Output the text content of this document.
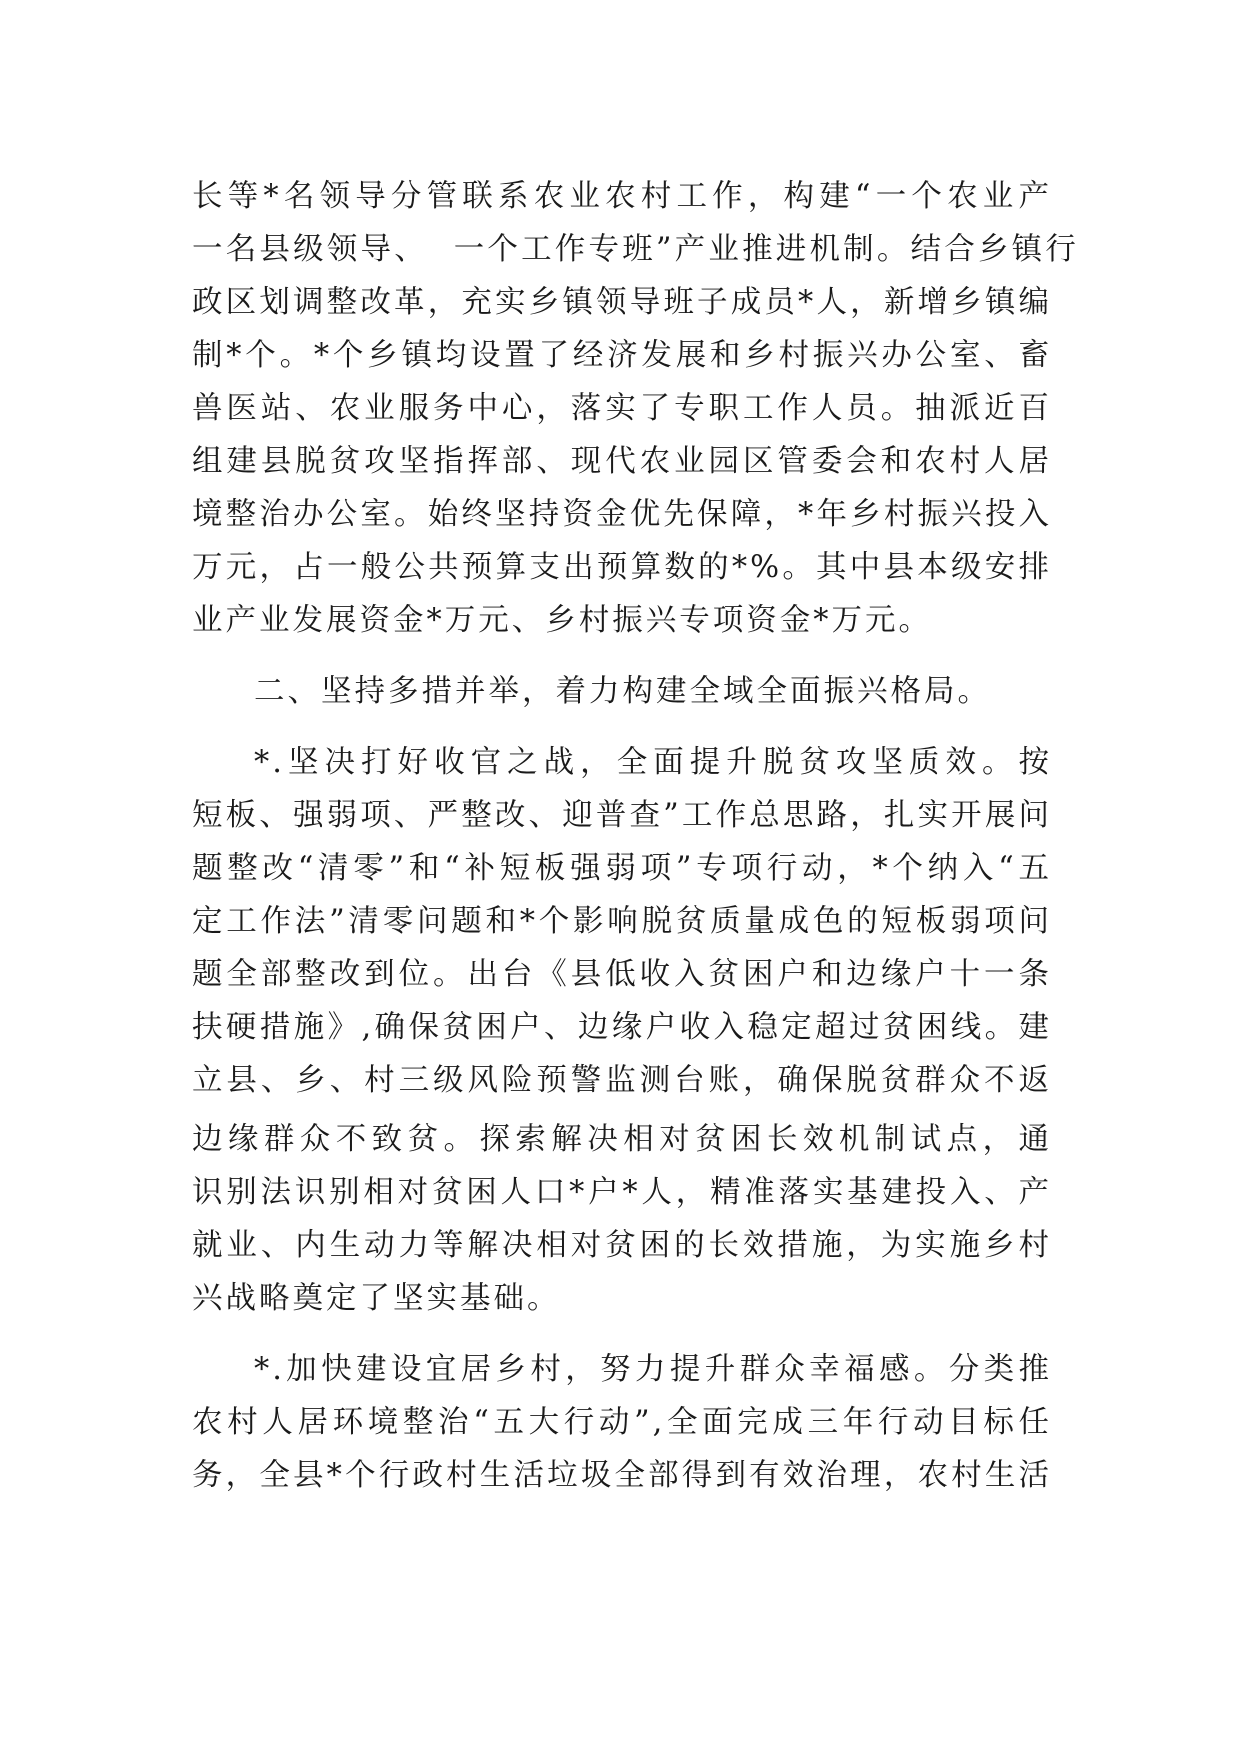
长等*名领导分管联系农业农村工作，构建“一个农业产
一名县级领导、  一个工作专班”产业推进机制。结合乡镇行
政区划调整改革，充实乡镇领导班子成员*人，新增乡镇编
制*个。*个乡镇均设置了经济发展和乡村振兴办公室、畜
兽医站、农业服务中心，落实了专职工作人员。抽派近百
组建县脱贫攻坚指挥部、现代农业园区管委会和农村人居
境整治办公室。始终坚持资金优先保障，*年乡村振兴投入
万元，占一般公共预算支出预算数的*%。其中县本级安排
业产业发展资金*万元、乡村振兴专项资金*万元。
二、坚持多措并举，着力构建全域全面振兴格局。
*.坚决打好收官之战，全面提升脱贫攻坚质效。按
短板、强弱项、严整改、迎普查”工作总思路，扎实开展问
题整改“清零”和“补短板强弱项”专项行动，*个纳入“五
定工作法”清零问题和*个影响脱贫质量成色的短板弱项问
题全部整改到位。出台《县低收入贫困户和边缘户十一条
扶硬措施》,确保贫困户、边缘户收入稳定超过贫困线。建
立县、乡、村三级风险预警监测台账，确保脱贫群众不返
边缘群众不致贫。探索解决相对贫困长效机制试点，通
识别法识别相对贫困人口*户*人，精准落实基建投入、产
就业、内生动力等解决相对贫困的长效措施，为实施乡村
兴战略奠定了坚实基础。
*.加快建设宜居乡村，努力提升群众幸福感。分类推
农村人居环境整治“五大行动”,全面完成三年行动目标任
务，全县*个行政村生活垃圾全部得到有效治理，农村生活
